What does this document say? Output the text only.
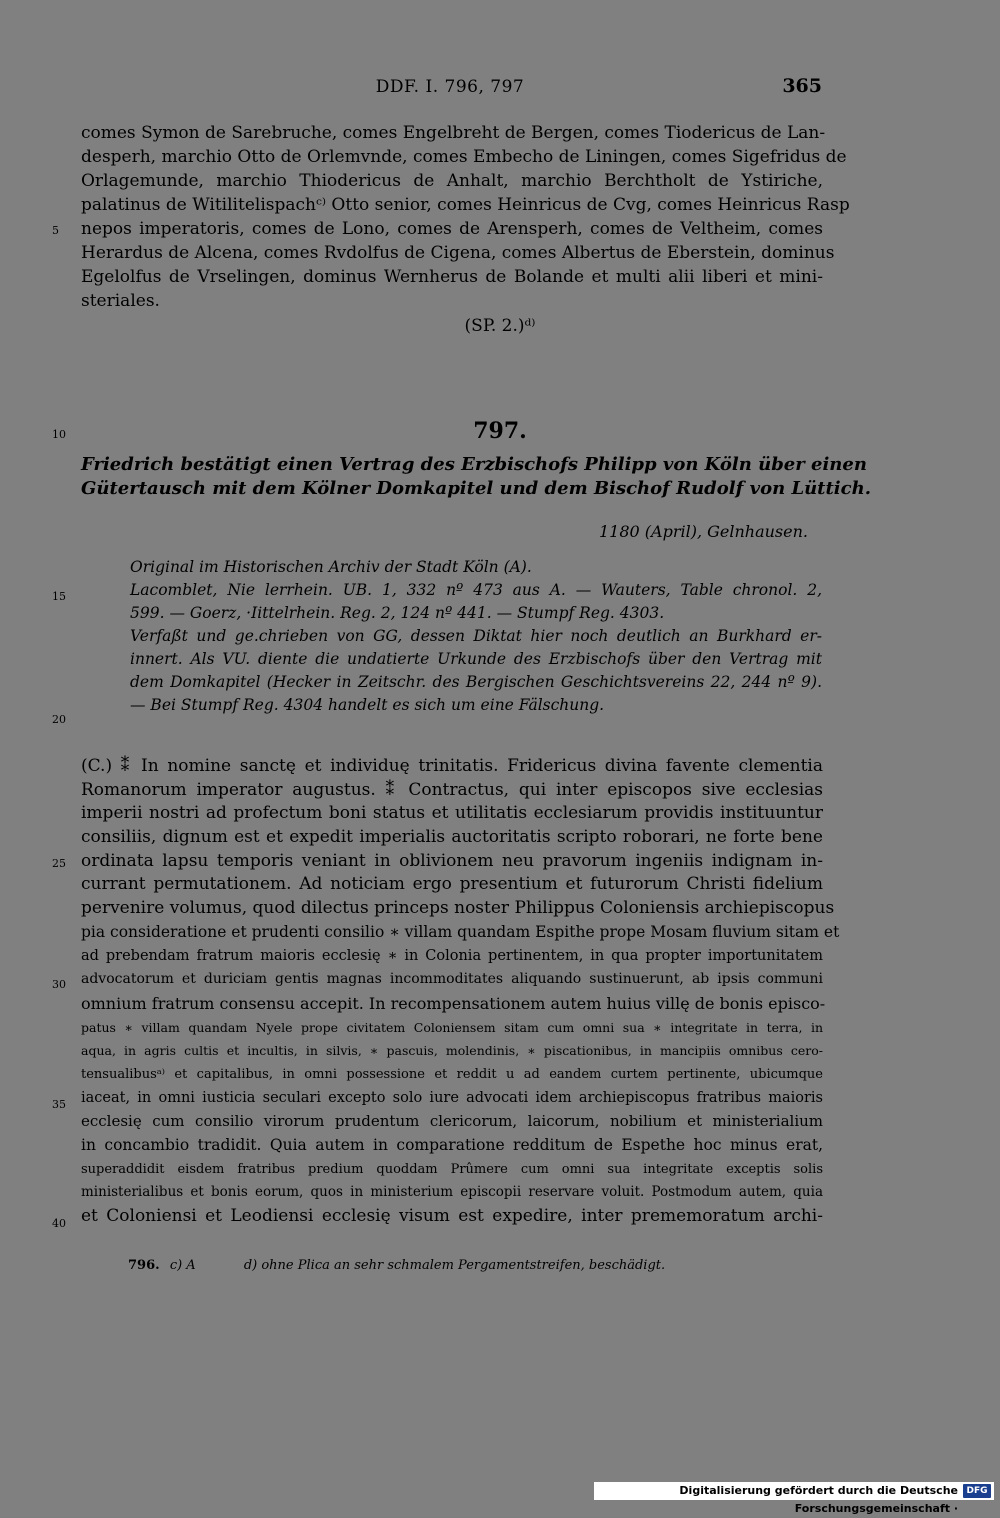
DDF. I. 796, 797	365
comes Symon de Sarebruche, comes Engelbreht de Bergen, comes Tiodericus de Lan-
desperh, marchio Otto de Orlemvnde, comes Embecho de Liningen, comes Sigefridus de
Orlagemunde, marchio Thiodericus de Anhalt, marchio Berchtholt de Ystiriche,
palatinus de Witilitelispachᶜ⁾ Otto senior, comes Heinricus de Cvg, comes Heinricus Rasp
nepos imperatoris, comes de Lono, comes de Arensperh, comes de Veltheim, comes
Herardus de Alcena, comes Rvdolfus de Cigena, comes Albertus de Eberstein, dominus
Egelolfus de Vrselingen, dominus Wernherus de Bolande et multi alii liberi et mini-
steriales.
(SP. 2.)ᵈ⁾
5
10
15
20
25
30
35
40
797.
Friedrich bestätigt einen Vertrag des Erzbischofs Philipp von Köln über einen
Gütertausch mit dem Kölner Domkapitel und dem Bischof Rudolf von Lüttich.
1180 (April), Gelnhausen.
Original im Historischen Archiv der Stadt Köln (A).
Lacomblet, Nie lerrhein. UB. 1, 332 nº 473 aus A. — Wauters, Table chronol. 2,
599. — Goerz, ·Iittelrhein. Reg. 2, 124 nº 441. — Stumpf Reg. 4303.
Verfaßt und ge.chrieben von GG, dessen Diktat hier noch deutlich an Burkhard er-
innert. Als VU. diente die undatierte Urkunde des Erzbischofs über den Vertrag mit
dem Domkapitel (Hecker in Zeitschr. des Bergischen Geschichtsvereins 22, 244 nº 9).
— Bei Stumpf Reg. 4304 handelt es sich um eine Fälschung.
(C.) ⁑ In nomine sanctę et individuę trinitatis. Fridericus divina favente clementia
Romanorum imperator augustus. ⁑ Contractus, qui inter episcopos sive ecclesias
imperii nostri ad profectum boni status et utilitatis ecclesiarum providis instituuntur
consiliis, dignum est et expedit imperialis auctoritatis scripto roborari, ne forte bene
ordinata lapsu temporis veniant in oblivionem neu pravorum ingeniis indignam in-
currant permutationem. Ad noticiam ergo presentium et futurorum Christi fidelium
pervenire volumus, quod dilectus princeps noster Philippus Coloniensis archiepiscopus
pia consideratione et prudenti consilio ∗ villam quandam Espithe prope Mosam fluvium sitam et
ad prebendam fratrum maioris ecclesię ∗ in Colonia pertinentem, in qua propter importunitatem
advocatorum et duriciam gentis magnas incommoditates aliquando sustinuerunt, ab ipsis communi
omnium fratrum consensu accepit. In recompensationem autem huius villę de bonis episco-
patus ∗ villam quandam Nyele prope civitatem Coloniensem sitam cum omni sua ∗ integritate in terra, in
aqua, in agris cultis et incultis, in silvis, ∗ pascuis, molendinis, ∗ piscationibus, in mancipiis omnibus cero-
tensualibusᵃ⁾ et capitalibus, in omni possessione et reddit u ad eandem curtem pertinente, ubicumque
iaceat, in omni iusticia seculari excepto solo iure advocati idem archiepiscopus fratribus maioris
ecclesię cum consilio virorum prudentum clericorum, laicorum, nobilium et ministerialium
in concambio tradidit. Quia autem in comparatione redditum de Espethe hoc minus erat,
superaddidit eisdem fratribus predium quoddam Prûmere cum omni sua integritate exceptis solis
ministerialibus et bonis eorum, quos in ministerium episcopii reservare voluit. Postmodum autem, quia
et Coloniensi et Leodiensi ecclesię visum est expedire, inter prememoratum archi-
796. c) A	d) ohne Plica an sehr schmalem Pergamentstreifen, beschädigt.
Digitalisierung gefördert durch die Deutsche Forschungsgemeinschaft ·
DFG
